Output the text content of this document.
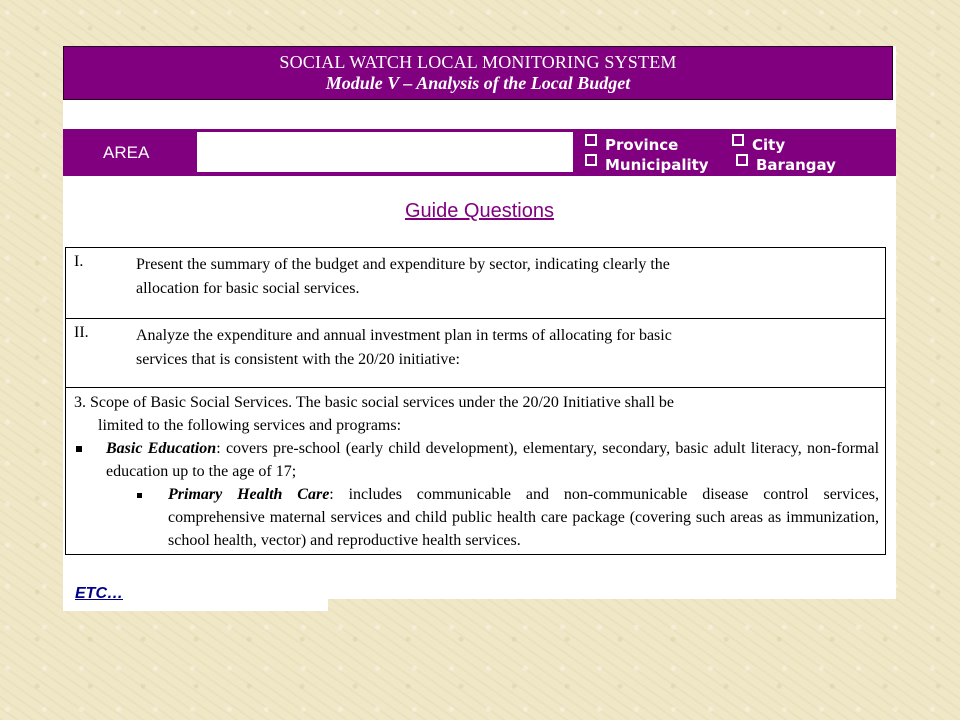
SOCIAL WATCH LOCAL MONITORING SYSTEM
Module V – Analysis of the Local Budget
AREA	Province	City
Municipality	Barangay
Guide Questions
I.	Present the summary of the budget and expenditure by sector, indicating clearly the
allocation for basic social services.
II.	Analyze the expenditure and annual investment plan in terms of allocating for basic
services that is consistent with the 20/20 initiative:
3. Scope of Basic Social Services. The basic social services under the 20/20 Initiative shall be
limited to the following services and programs:
Basic Education: covers pre-school (early child development), elementary, secondary, basic adult literacy, non-formal education up to the age of 17;
Primary Health Care: includes communicable and non-communicable disease control services, comprehensive maternal services and child public health care package (covering such areas as immunization, school health, vector) and reproductive health services.
ETC…
